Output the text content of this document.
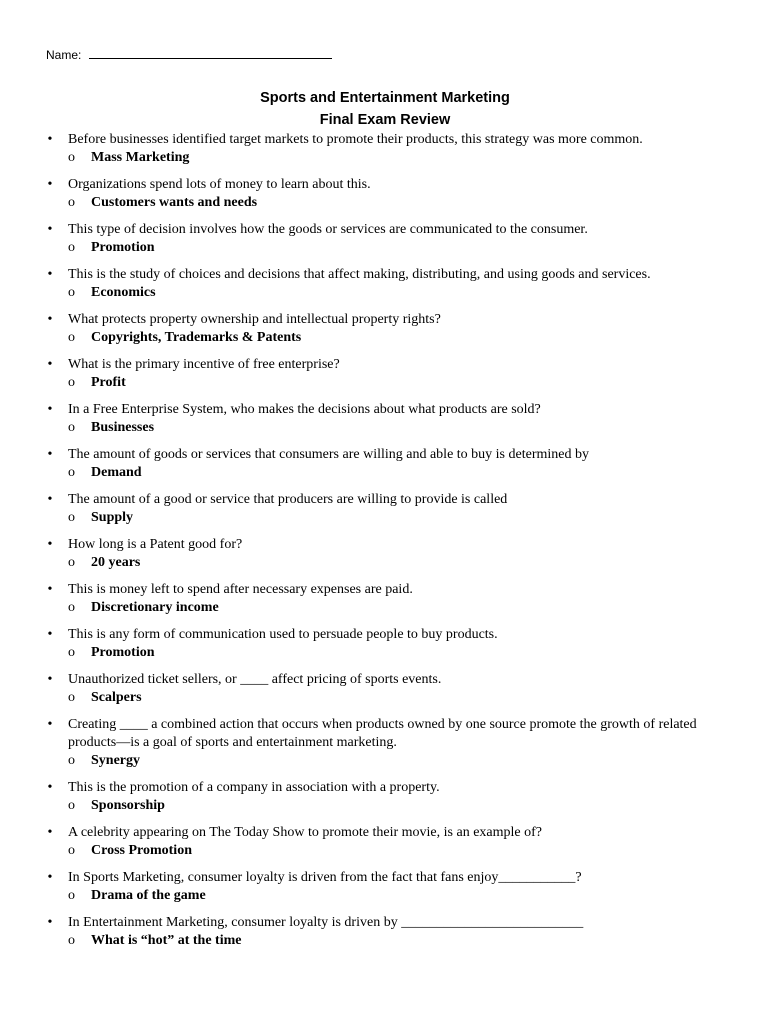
Name:
Sports and Entertainment Marketing
Final Exam Review
• Before businesses identified target markets to promote their products, this strategy was more common.
o Mass Marketing
• Organizations spend lots of money to learn about this.
o Customers wants and needs
• This type of decision involves how the goods or services are communicated to the consumer.
o Promotion
• This is the study of choices and decisions that affect making, distributing, and using goods and services.
o Economics
• What protects property ownership and intellectual property rights?
o Copyrights, Trademarks & Patents
• What is the primary incentive of free enterprise?
o Profit
• In a Free Enterprise System, who makes the decisions about what products are sold?
o Businesses
• The amount of goods or services that consumers are willing and able to buy is determined by
o Demand
• The amount of a good or service that producers are willing to provide is called
o Supply
• How long is a Patent good for?
o 20 years
• This is money left to spend after necessary expenses are paid.
o Discretionary income
• This is any form of communication used to persuade people to buy products.
o Promotion
• Unauthorized ticket sellers, or ____ affect pricing of sports events.
o Scalpers
• Creating ____ a combined action that occurs when products owned by one source promote the growth of related products—is a goal of sports and entertainment marketing.
o Synergy
• This is the promotion of a company in association with a property.
o Sponsorship
• A celebrity appearing on The Today Show to promote their movie, is an example of?
o Cross Promotion
• In Sports Marketing, consumer loyalty is driven from the fact that fans enjoy___________?
o Drama of the game
• In Entertainment Marketing, consumer loyalty is driven by __________________________
o What is “hot” at the time
